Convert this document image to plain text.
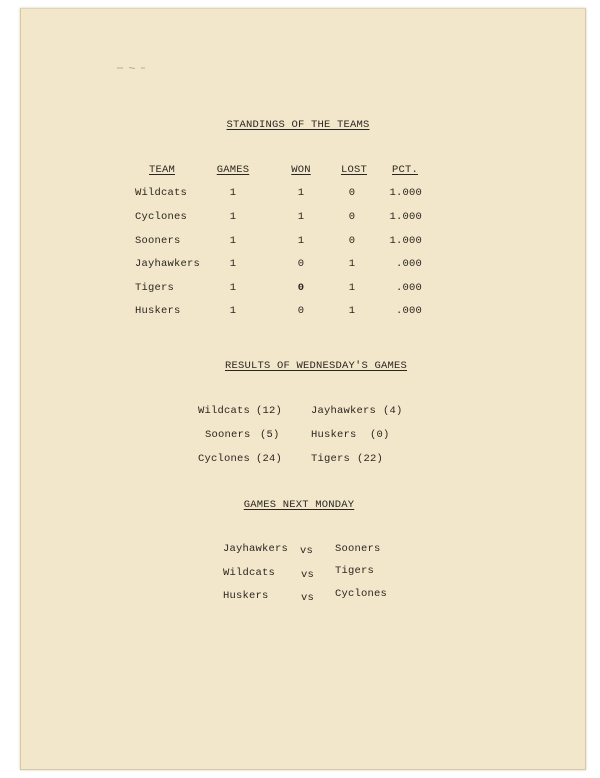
STANDINGS OF THE TEAMS
TEAM	GAMES	WON	LOST PCT.
Wildcats	1	1	0	1.000
Cyclones	1	1	0	1.000
Sooners	1	1	0	1.000
Jayhawkers	1	0	1	.000
Tigers	1	0	1	.000
Huskers	1	0	1	.000
RESULTS OF WEDNESDAY'S GAMES
Wildcats (12)	Jayhawkers (4)
Sooners (5)	Huskers (0)
Cyclones (24)	Tigers (22)
GAMES NEXT MONDAY
Jayhawkers vs Sooners
Wildcats vs Tigers
Huskers	vs Cyclones
